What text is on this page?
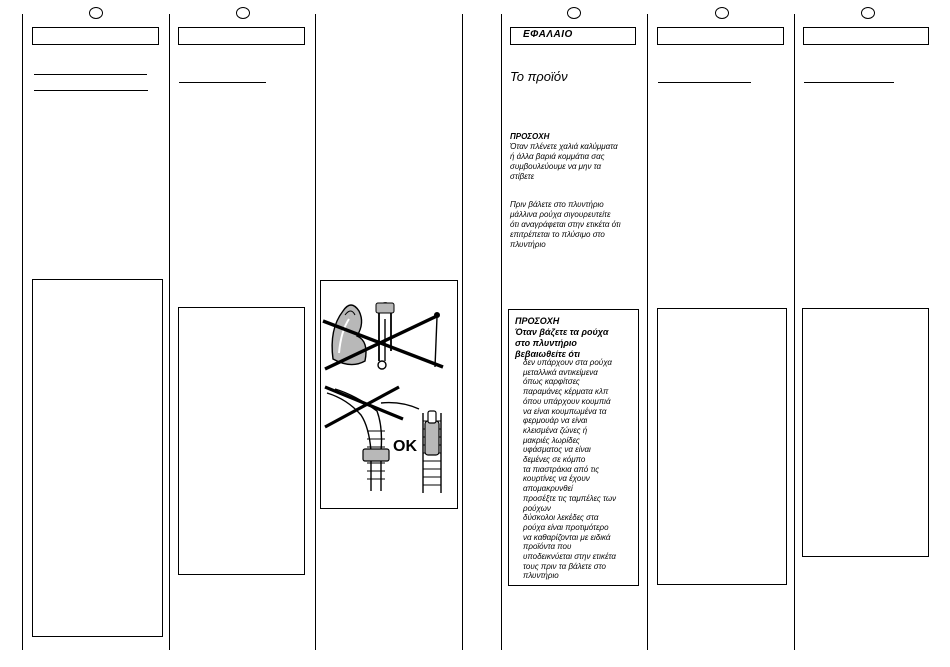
ΕΦΑΛΑΙΟ
Το προϊόν
ΠΡΟΣΟΧΗ
Όταν πλένετε χαλιά καλύμματα
ή άλλα βαριά κομμάτια σας
συμβουλεύουμε να μην τα
στίβετε
Πριν βάλετε στο πλυντήριο
μάλλινα ρούχα σιγουρευτείτε
ότι αναγράφεται στην ετικέτα ότι
επιτρέπεται το πλύσιμο στο
πλυντήριο
ΠΡΟΣΟΧΗ
Όταν βάζετε τα ρούχα
στο πλυντήριο
βεβαιωθείτε ότι
δεν υπάρχουν στα ρούχα
μεταλλικά αντικείμενα
όπως καρφίτσες
παραμάνες κέρματα κλπ
όπου υπάρχουν κουμπιά
να είναι κουμπωμένα τα
φερμουάρ να είναι
κλεισμένα ζώνες ή
μακριές λωρίδες
υφάσματος να είναι
δεμένες σε κόμπο
τα πιαστράκια από τις
κουρτίνες να έχουν
απομακρυνθεί
προσέξτε τις ταμπέλες των
ρούχων
δύσκολοι λεκέδες στα
ρούχα είναι προτιμότερο
να καθαρίζονται με ειδικά
προϊόντα που
υποδεικνύεται στην ετικέτα
τους πριν τα βάλετε στο
πλυντήριο
OK
